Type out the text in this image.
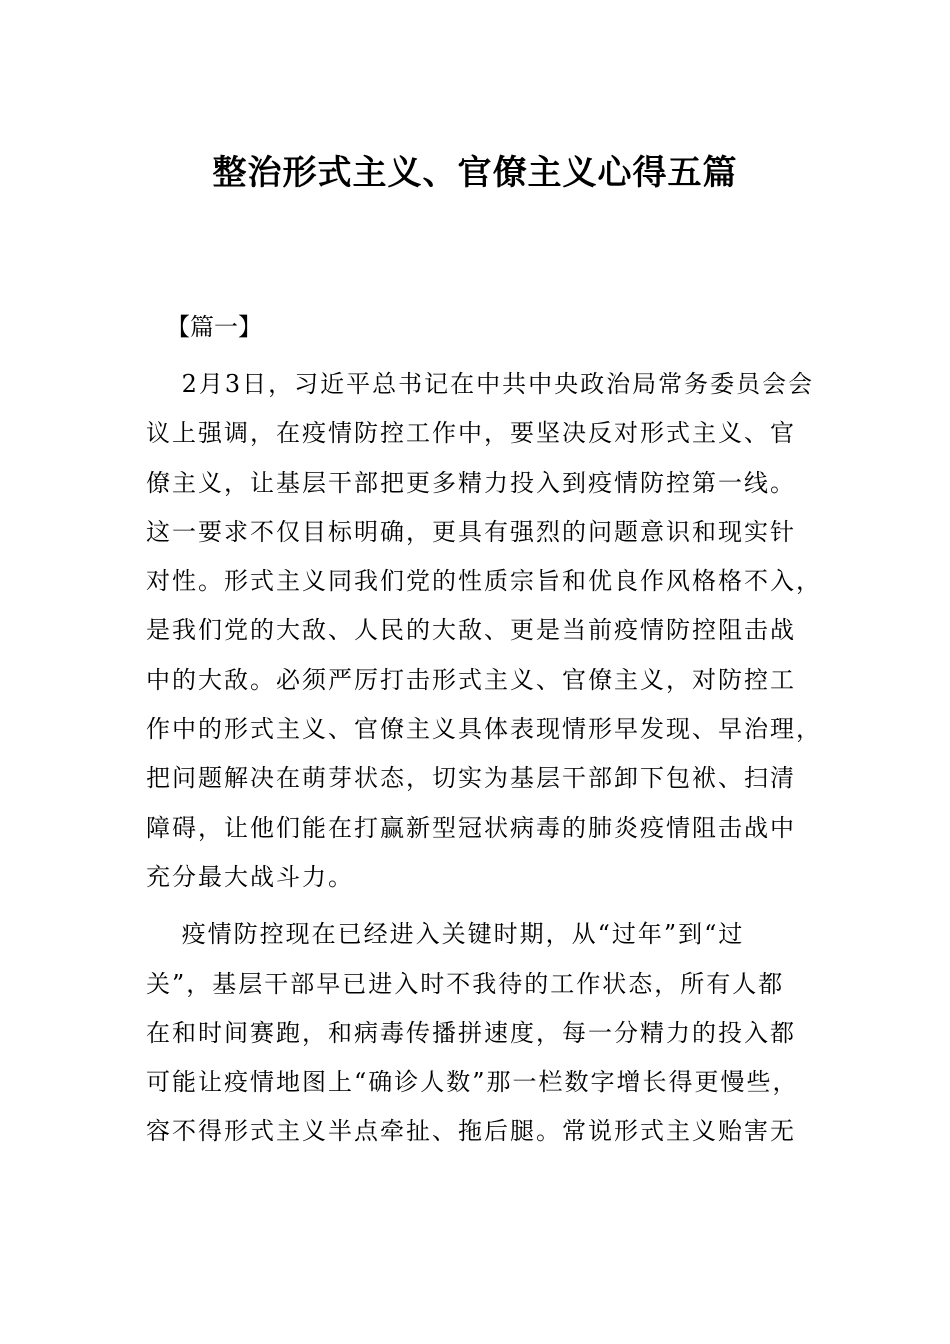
整治形式主义、官僚主义心得五篇
【篇一】
　 2月3日，习近平总书记在中共中央政治局常务委员会会
议上强调，在疫情防控工作中，要坚决反对形式主义、官
僚主义，让基层干部把更多精力投入到疫情防控第一线。
这一要求不仅目标明确，更具有强烈的问题意识和现实针
对性。形式主义同我们党的性质宗旨和优良作风格格不入，
是我们党的大敌、人民的大敌、更是当前疫情防控阻击战
中的大敌。必须严厉打击形式主义、官僚主义，对防控工
作中的形式主义、官僚主义具体表现情形早发现、早治理，
把问题解决在萌芽状态，切实为基层干部卸下包袱、扫清
障碍，让他们能在打赢新型冠状病毒的肺炎疫情阻击战中
充分最大战斗力。
　 疫情防控现在已经进入关键时期，从“过年”到“过
关”，基层干部早已进入时不我待的工作状态，所有人都
在和时间赛跑，和病毒传播拼速度，每一分精力的投入都
可能让疫情地图上“确诊人数”那一栏数字增长得更慢些，
容不得形式主义半点牵扯、拖后腿。常说形式主义贻害无
